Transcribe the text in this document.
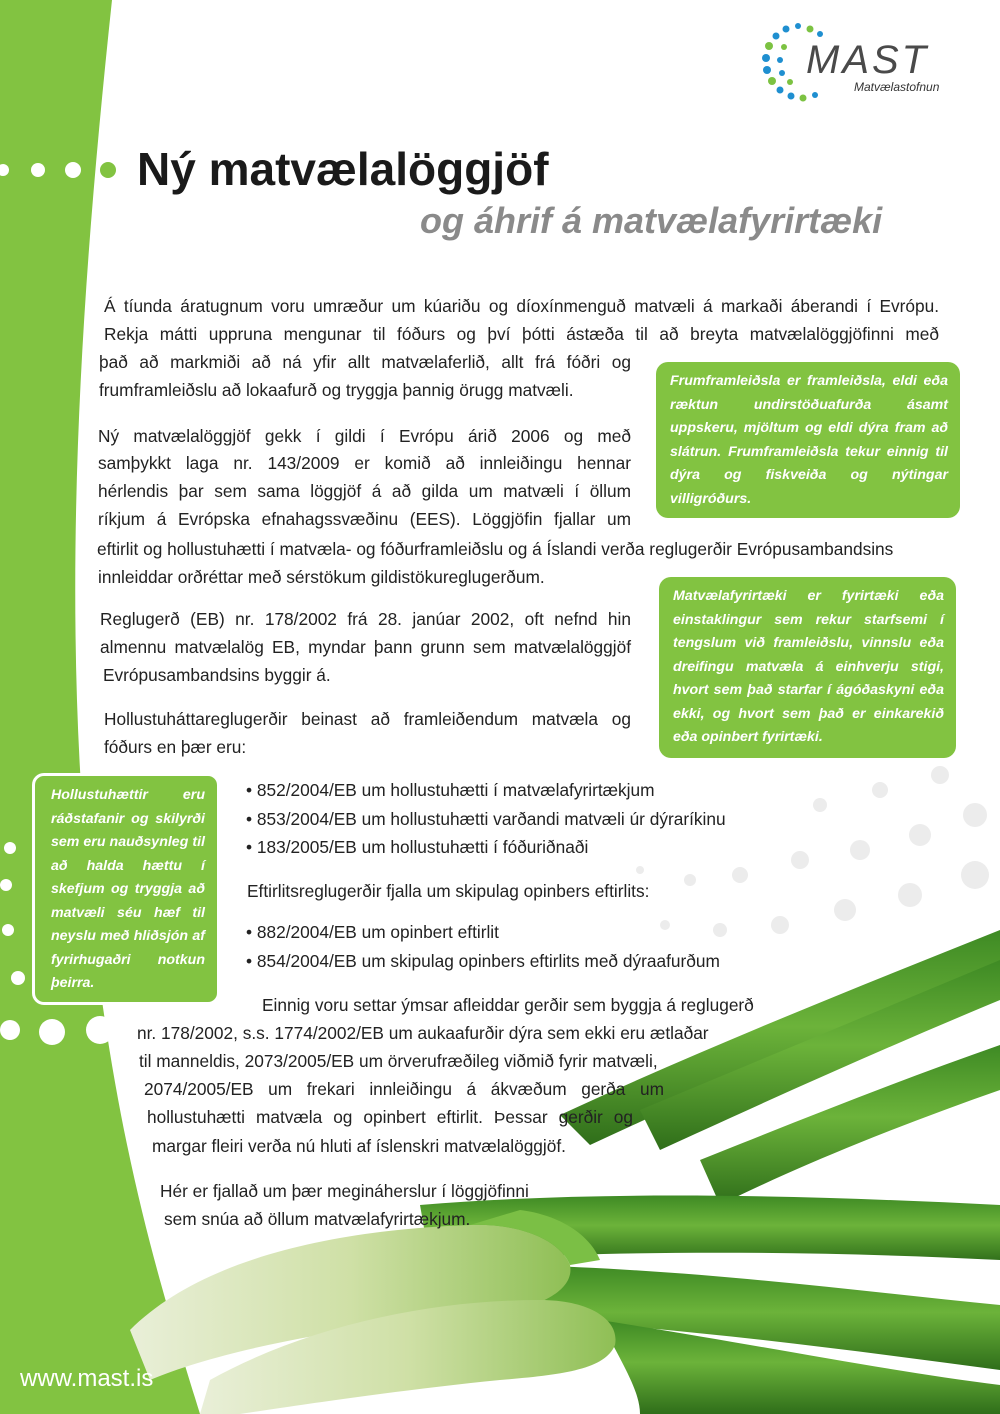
MAST
Matvælastofnun
Ný matvælalöggjöf
og áhrif á matvælafyrirtæki

Á tíunda áratugnum voru umræður um kúariðu og díoxínmenguð matvæli á markaði áberandi í Evrópu.

Rekja mátti uppruna mengunar til fóðurs og því þótti ástæða til að breyta matvælalöggjöfinni með

það að markmiði að ná yfir allt matvælaferlið, allt frá fóðri og

frumframleiðslu að lokaafurð og tryggja þannig örugg matvæli.

Ný matvælalöggjöf gekk í gildi í Evrópu árið 2006 og með

samþykkt laga nr. 143/2009 er komið að innleiðingu hennar

hérlendis þar sem sama löggjöf á að gilda um matvæli í öllum

ríkjum á Evrópska efnahagssvæðinu (EES). Löggjöfin fjallar um

eftirlit og hollustuhætti í matvæla- og fóðurframleiðslu og á Íslandi verða reglugerðir Evrópusambandsins

innleiddar orðréttar með sérstökum gildistökureglugerðum.

Reglugerð (EB) nr. 178/2002 frá 28. janúar 2002, oft nefnd hin

almennu matvælalög EB, myndar þann grunn sem matvælalöggjöf

Evrópusambandsins byggir á.

Hollustuháttareglugerðir beinast að framleiðendum matvæla og

fóðurs en þær eru:

• 852/2004/EB um hollustuhætti í matvælafyrirtækjum
• 853/2004/EB um hollustuhætti varðandi matvæli úr dýraríkinu
• 183/2005/EB um hollustuhætti í fóðuriðnaði

Eftirlitsreglugerðir fjalla um skipulag opinbers eftirlits:

• 882/2004/EB um opinbert eftirlit
• 854/2004/EB um skipulag opinbers eftirlits með dýraafurðum

Einnig voru settar ýmsar afleiddar gerðir sem byggja á reglugerð

nr. 178/2002, s.s. 1774/2002/EB um aukaafurðir dýra sem ekki eru ætlaðar

til manneldis, 2073/2005/EB um örverufræðileg viðmið fyrir matvæli,

2074/2005/EB um frekari innleiðingu á ákvæðum gerða um

hollustuhætti matvæla og opinbert eftirlit. Þessar gerðir og

margar fleiri verða nú hluti af íslenskri matvælalöggjöf.

Hér er fjallað um þær megináherslur í löggjöfinni

sem snúa að öllum matvælafyrirtækjum.

Frumframleiðsla er framleiðsla, eldi eða ræktun undirstöðuafurða ásamt uppskeru, mjöltum og eldi dýra fram að slátrun. Frumframleiðsla tekur einnig til dýra og fiskveiða og nýtingar villigróðurs.
Matvælafyrirtæki er fyrirtæki eða einstaklingur sem rekur starfsemi í tengslum við framleiðslu, vinnslu eða dreifingu matvæla á einhverju stigi, hvort sem það starfar í ágóðaskyni eða ekki, og hvort sem það er einkarekið eða opinbert fyrirtæki.
Hollustuhættir eru ráðstafanir og skilyrði sem eru nauðsynleg til að halda hættu í skefjum og tryggja að matvæli séu hæf til neyslu með hliðsjón af fyrirhugaðri notkun þeirra.
www.mast.is
